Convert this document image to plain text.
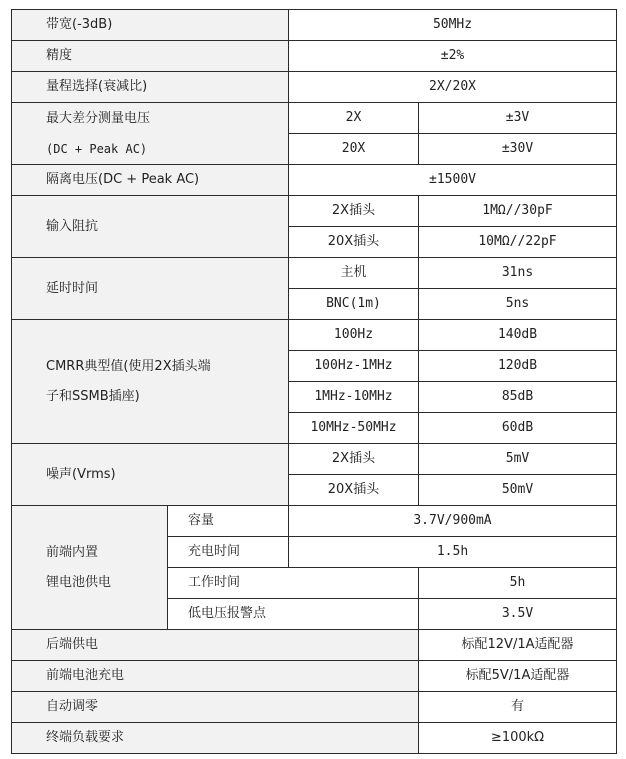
带宽(-3dB)		50MHz	
精度		±2%	
量程选择(衰减比)		2X/20X	

最大差分测量电压
(DC + Peak AC)		2X	±3V
		20X	±30V
隔离电压(DC + Peak AC)		±1500V	
输入阻抗		2X插头	1MΩ//30pF
		20X插头	10MΩ//22pF
延时时间		主机	31ns
		BNC(1m)	5ns

CMRR典型值(使用2X插头端
子和SSMB插座)		100Hz	140dB
		100Hz-1MHz	120dB
		1MHz-10MHz	85dB
		10MHz-50MHz	60dB
噪声(Vrms)		2X插头	5mV
		20X插头	50mV

前端内置
锂电池供电	容量	3.7V/900mA	
	充电时间	1.5h	
	工作时间		5h
	低电压报警点		3.5V
后端供电			标配12V/1A适配器
前端电池充电			标配5V/1A适配器
自动调零			有
终端负载要求			≥100kΩ
